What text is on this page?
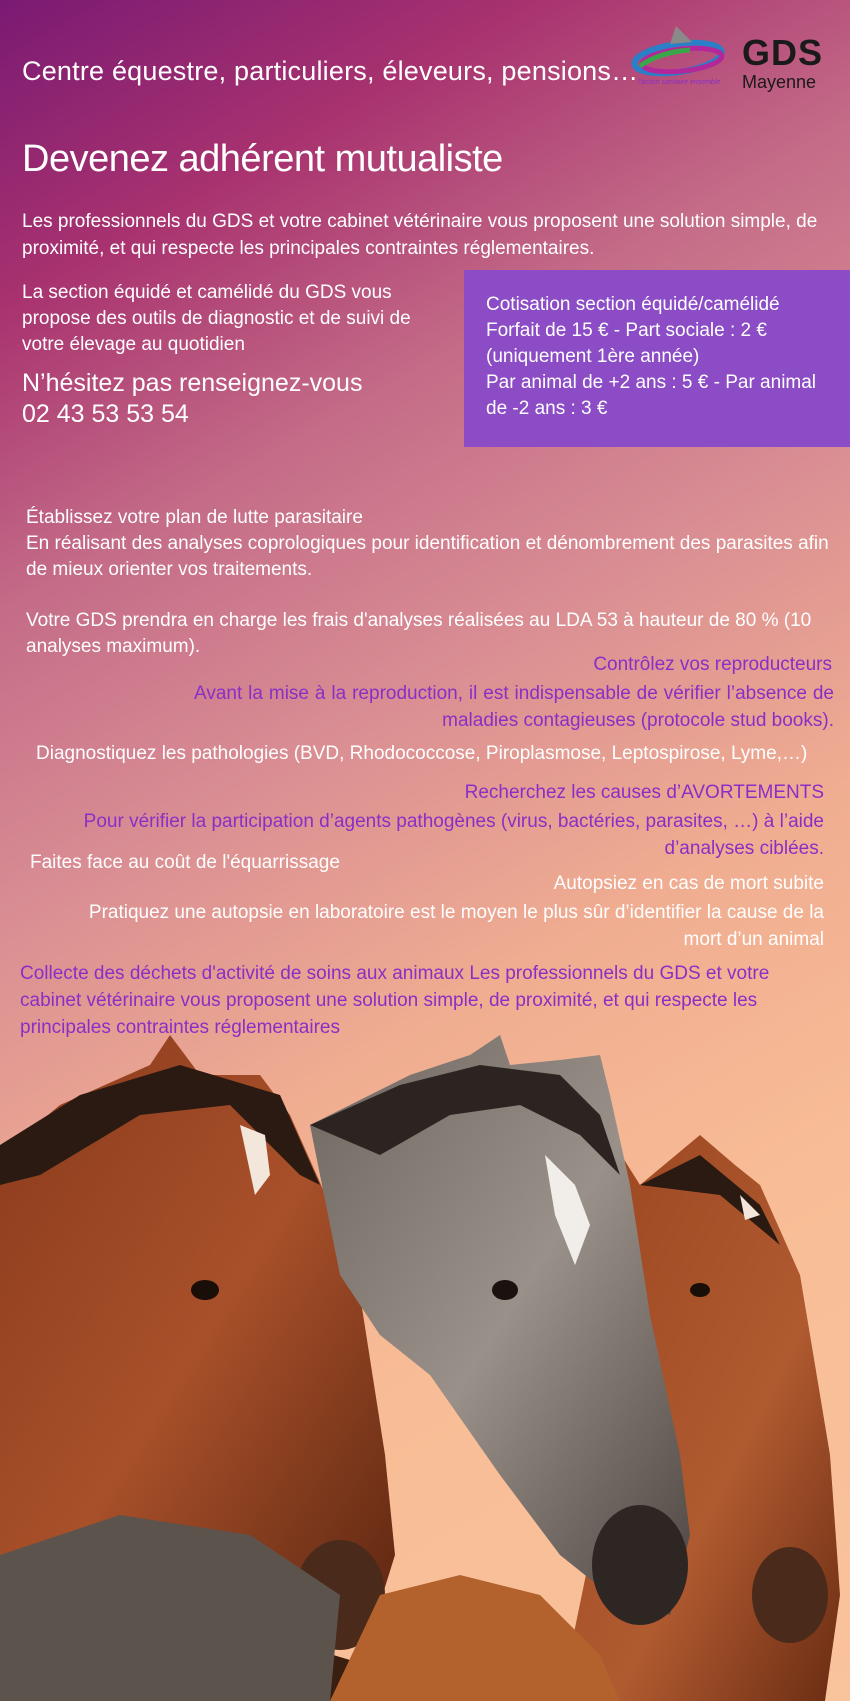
Centre équestre, particuliers, éleveurs, pensions… l'action sanitaire ensemble
GDS
Mayenne
Devenez adhérent mutualiste

Les professionnels du GDS et votre cabinet vétérinaire vous proposent une solution simple, de proximité, et qui respecte les principales contraintes réglementaires.

La section équidé et camélidé du GDS vous propose des outils de diagnostic et de suivi de votre élevage au quotidien

N’hésitez pas renseignez-vous
02 43 53 53 54

Cotisation section équidé/camélidé

Forfait de 15 € - Part sociale : 2 €

(uniquement 1ère année)

Par animal de +2 ans : 5 € - Par animal de -2 ans : 3 €

Établissez votre plan de lutte parasitaire
En réalisant des analyses coprologiques pour identification et dénombrement des parasites afin de mieux orienter vos traitements.

Votre GDS prendra en charge les frais d'analyses réalisées au LDA 53 à hauteur de 80 % (10 analyses maximum).

Contrôlez vos reproducteurs

Avant la mise à la reproduction, il est indispensable de vérifier l’absence de maladies contagieuses (protocole stud books).

Diagnostiquez les pathologies (BVD, Rhodococcose, Piroplasmose, Leptospirose, Lyme,…)
Recherchez les causes d’AVORTEMENTS

Pour vérifier la participation d’agents pathogènes (virus, bactéries, parasites, …) à l’aide d’analyses ciblées.

Faites face au coût de l'équarrissage
Autopsiez en cas de mort subite

Pratiquez une autopsie en laboratoire est le moyen le plus sûr d’identifier la cause de la mort d’un animal

Collecte des déchets d'activité de soins aux animaux Les professionnels du GDS et votre cabinet vétérinaire vous proposent une solution simple, de proximité, et qui respecte les principales contraintes réglementaires
